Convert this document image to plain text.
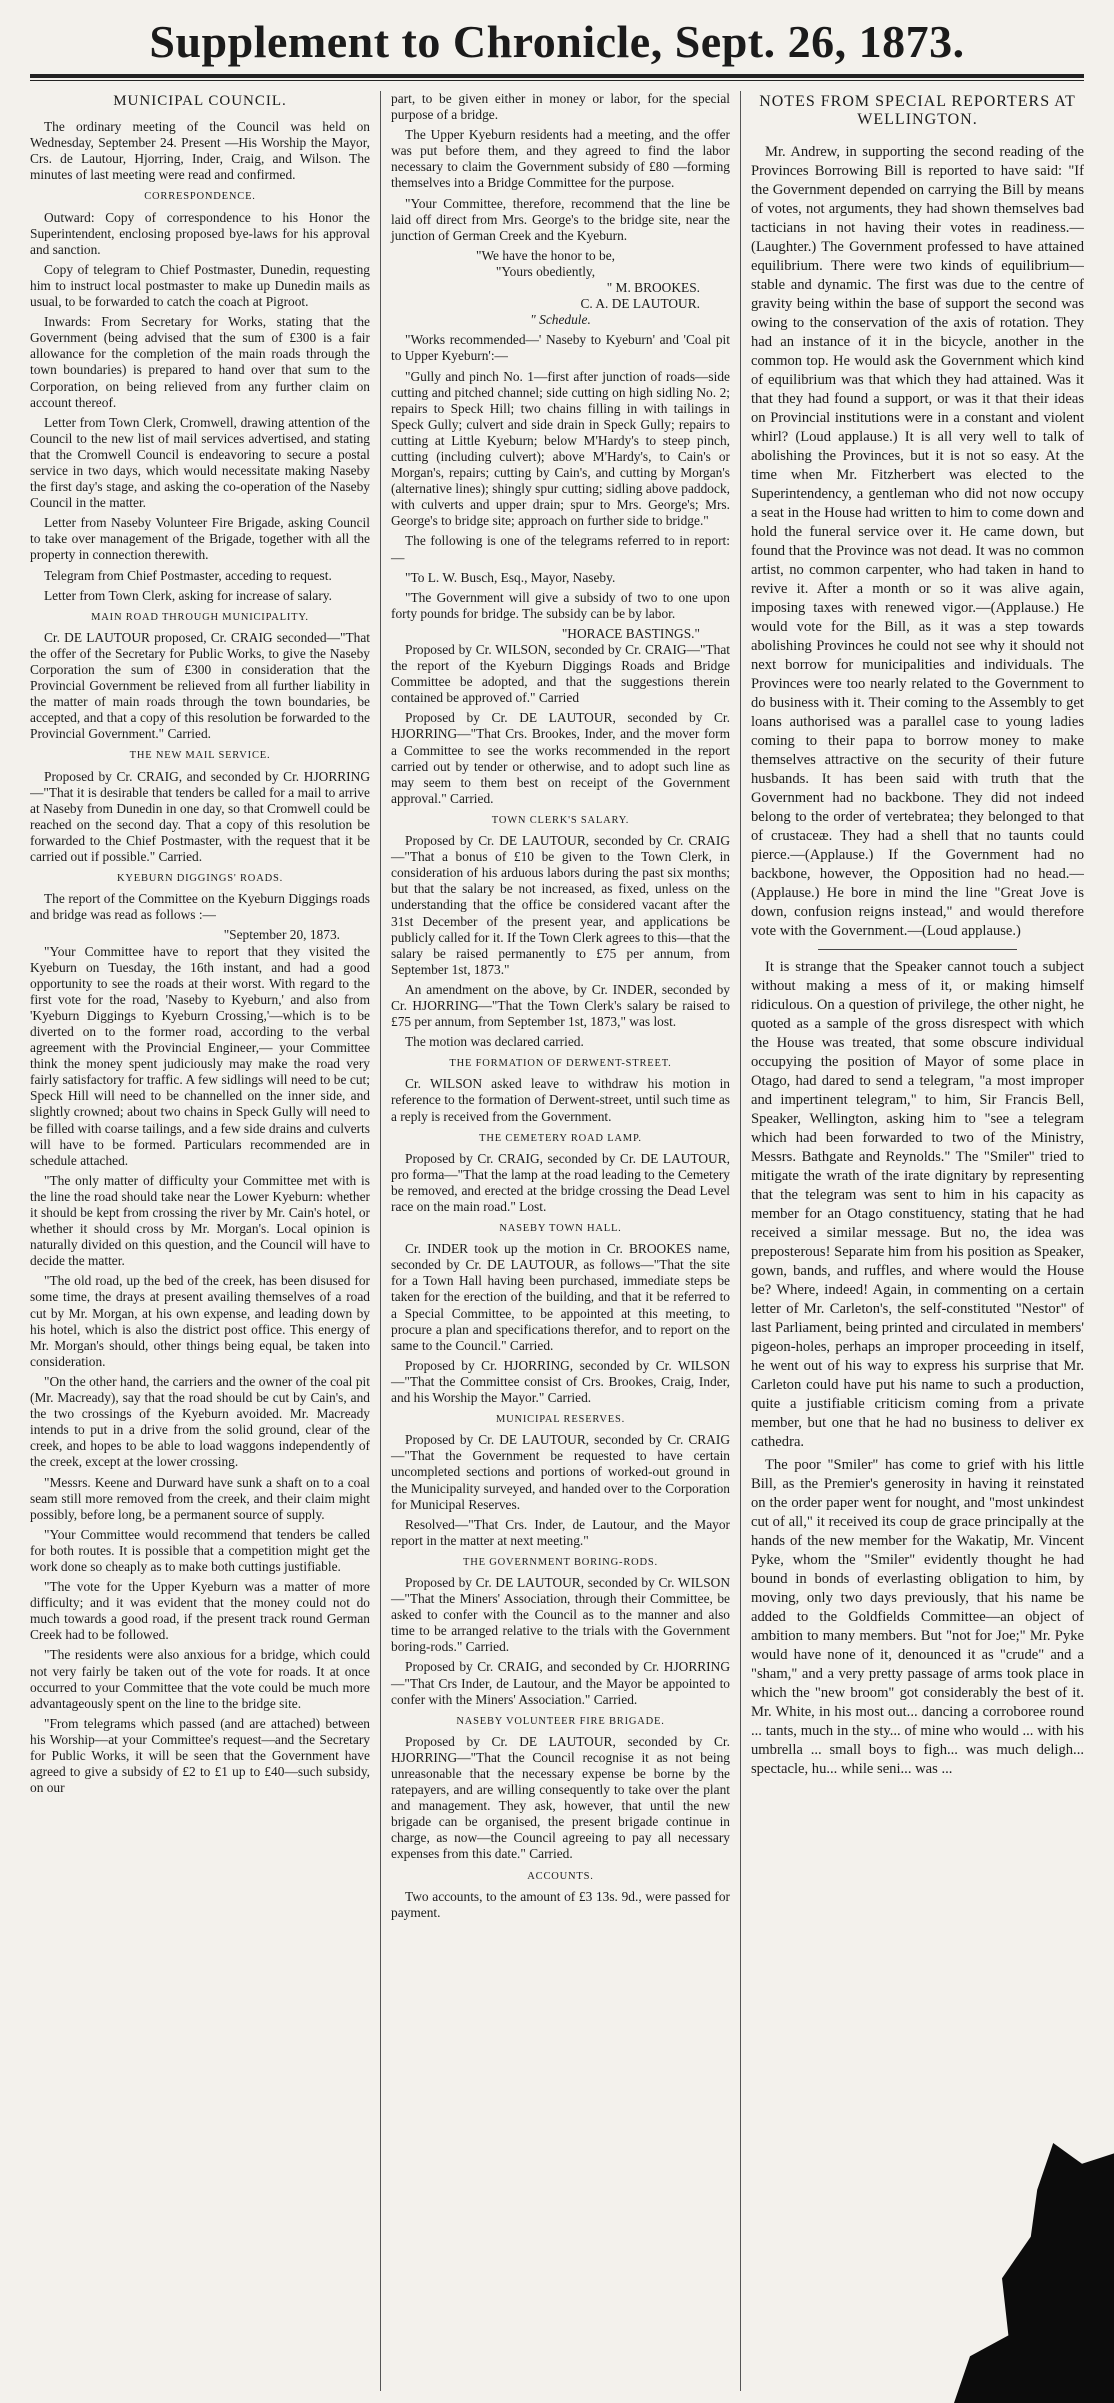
Supplement to Chronicle, Sept. 26, 1873.
MUNICIPAL COUNCIL.

The ordinary meeting of the Council was held on Wednesday, September 24. Present —His Worship the Mayor, Crs. de Lautour, Hjorring, Inder, Craig, and Wilson. The minutes of last meeting were read and confirmed.

CORRESPONDENCE.

Outward: Copy of correspondence to his Honor the Superintendent, enclosing proposed bye-laws for his approval and sanction.

Copy of telegram to Chief Postmaster, Dunedin, requesting him to instruct local postmaster to make up Dunedin mails as usual, to be forwarded to catch the coach at Pigroot.

Inwards: From Secretary for Works, stating that the Government (being advised that the sum of £300 is a fair allowance for the completion of the main roads through the town boundaries) is prepared to hand over that sum to the Corporation, on being relieved from any further claim on account thereof.

Letter from Town Clerk, Cromwell, drawing attention of the Council to the new list of mail services advertised, and stating that the Cromwell Council is endeavoring to secure a postal service in two days, which would necessitate making Naseby the first day's stage, and asking the co-operation of the Naseby Council in the matter.

Letter from Naseby Volunteer Fire Brigade, asking Council to take over management of the Brigade, together with all the property in connection therewith.

Telegram from Chief Postmaster, acceding to request.

Letter from Town Clerk, asking for increase of salary.

MAIN ROAD THROUGH MUNICIPALITY.

Cr. DE LAUTOUR proposed, Cr. CRAIG seconded—"That the offer of the Secretary for Public Works, to give the Naseby Corporation the sum of £300 in consideration that the Provincial Government be relieved from all further liability in the matter of main roads through the town boundaries, be accepted, and that a copy of this resolution be forwarded to the Provincial Government." Carried.

THE NEW MAIL SERVICE.

Proposed by Cr. CRAIG, and seconded by Cr. HJORRING—"That it is desirable that tenders be called for a mail to arrive at Naseby from Dunedin in one day, so that Cromwell could be reached on the second day. That a copy of this resolution be forwarded to the Chief Postmaster, with the request that it be carried out if possible." Carried.

KYEBURN DIGGINGS' ROADS.

The report of the Committee on the Kyeburn Diggings roads and bridge was read as follows :—

"September 20, 1873.

"Your Committee have to report that they visited the Kyeburn on Tuesday, the 16th instant, and had a good opportunity to see the roads at their worst. With regard to the first vote for the road, 'Naseby to Kyeburn,' and also from 'Kyeburn Diggings to Kyeburn Crossing,'—which is to be diverted on to the former road, according to the verbal agreement with the Provincial Engineer,— your Committee think the money spent judiciously may make the road very fairly satisfactory for traffic. A few sidlings will need to be cut; Speck Hill will need to be channelled on the inner side, and slightly crowned; about two chains in Speck Gully will need to be filled with coarse tailings, and a few side drains and culverts will have to be formed. Particulars recommended are in schedule attached.

"The only matter of difficulty your Committee met with is the line the road should take near the Lower Kyeburn: whether it should be kept from crossing the river by Mr. Cain's hotel, or whether it should cross by Mr. Morgan's. Local opinion is naturally divided on this question, and the Council will have to decide the matter.

"The old road, up the bed of the creek, has been disused for some time, the drays at present availing themselves of a road cut by Mr. Morgan, at his own expense, and leading down by his hotel, which is also the district post office. This energy of Mr. Morgan's should, other things being equal, be taken into consideration.

"On the other hand, the carriers and the owner of the coal pit (Mr. Macready), say that the road should be cut by Cain's, and the two crossings of the Kyeburn avoided. Mr. Macready intends to put in a drive from the solid ground, clear of the creek, and hopes to be able to load waggons independently of the creek, except at the lower crossing.

"Messrs. Keene and Durward have sunk a shaft on to a coal seam still more removed from the creek, and their claim might possibly, before long, be a permanent source of supply.

"Your Committee would recommend that tenders be called for both routes. It is possible that a competition might get the work done so cheaply as to make both cuttings justifiable.

"The vote for the Upper Kyeburn was a matter of more difficulty; and it was evident that the money could not do much towards a good road, if the present track round German Creek had to be followed.

"The residents were also anxious for a bridge, which could not very fairly be taken out of the vote for roads. It at once occurred to your Committee that the vote could be much more advantageously spent on the line to the bridge site.

"From telegrams which passed (and are attached) between his Worship—at your Committee's request—and the Secretary for Public Works, it will be seen that the Government have agreed to give a subsidy of £2 to £1 up to £40—such subsidy, on our

part, to be given either in money or labor, for the special purpose of a bridge.

The Upper Kyeburn residents had a meeting, and the offer was put before them, and they agreed to find the labor necessary to claim the Government subsidy of £80 —forming themselves into a Bridge Committee for the purpose.

"Your Committee, therefore, recommend that the line be laid off direct from Mrs. George's to the bridge site, near the junction of German Creek and the Kyeburn.

"We have the honor to be,

"Yours obediently,

" M. BROOKES.

C. A. DE LAUTOUR.

" Schedule.

"Works recommended—' Naseby to Kyeburn' and 'Coal pit to Upper Kyeburn':—

"Gully and pinch No. 1—first after junction of roads—side cutting and pitched channel; side cutting on high sidling No. 2; repairs to Speck Hill; two chains filling in with tailings in Speck Gully; culvert and side drain in Speck Gully; repairs to cutting at Little Kyeburn; below M'Hardy's to steep pinch, cutting (including culvert); above M'Hardy's, to Cain's or Morgan's, repairs; cutting by Cain's, and cutting by Morgan's (alternative lines); shingly spur cutting; sidling above paddock, with culverts and upper drain; spur to Mrs. George's; Mrs. George's to bridge site; approach on further side to bridge."

The following is one of the telegrams referred to in report:—

"To L. W. Busch, Esq., Mayor, Naseby.

"The Government will give a subsidy of two to one upon forty pounds for bridge. The subsidy can be by labor.

"HORACE BASTINGS."

Proposed by Cr. WILSON, seconded by Cr. CRAIG—"That the report of the Kyeburn Diggings Roads and Bridge Committee be adopted, and that the suggestions therein contained be approved of." Carried

Proposed by Cr. DE LAUTOUR, seconded by Cr. HJORRING—"That Crs. Brookes, Inder, and the mover form a Committee to see the works recommended in the report carried out by tender or otherwise, and to adopt such line as may seem to them best on receipt of the Government approval." Carried.

TOWN CLERK'S SALARY.

Proposed by Cr. DE LAUTOUR, seconded by Cr. CRAIG—"That a bonus of £10 be given to the Town Clerk, in consideration of his arduous labors during the past six months; but that the salary be not increased, as fixed, unless on the understanding that the office be considered vacant after the 31st December of the present year, and applications be publicly called for it. If the Town Clerk agrees to this—that the salary be raised permanently to £75 per annum, from September 1st, 1873."

An amendment on the above, by Cr. INDER, seconded by Cr. HJORRING—"That the Town Clerk's salary be raised to £75 per annum, from September 1st, 1873," was lost.

The motion was declared carried.

THE FORMATION OF DERWENT-STREET.

Cr. WILSON asked leave to withdraw his motion in reference to the formation of Derwent-street, until such time as a reply is received from the Government.

THE CEMETERY ROAD LAMP.

Proposed by Cr. CRAIG, seconded by Cr. DE LAUTOUR, pro forma—"That the lamp at the road leading to the Cemetery be removed, and erected at the bridge crossing the Dead Level race on the main road." Lost.

NASEBY TOWN HALL.

Cr. INDER took up the motion in Cr. BROOKES name, seconded by Cr. DE LAUTOUR, as follows—"That the site for a Town Hall having been purchased, immediate steps be taken for the erection of the building, and that it be referred to a Special Committee, to be appointed at this meeting, to procure a plan and specifications therefor, and to report on the same to the Council." Carried.

Proposed by Cr. HJORRING, seconded by Cr. WILSON—"That the Committee consist of Crs. Brookes, Craig, Inder, and his Worship the Mayor." Carried.

MUNICIPAL RESERVES.

Proposed by Cr. DE LAUTOUR, seconded by Cr. CRAIG—"That the Government be requested to have certain uncompleted sections and portions of worked-out ground in the Municipality surveyed, and handed over to the Corporation for Municipal Reserves.

Resolved—"That Crs. Inder, de Lautour, and the Mayor report in the matter at next meeting."

THE GOVERNMENT BORING-RODS.

Proposed by Cr. DE LAUTOUR, seconded by Cr. WILSON—"That the Miners' Association, through their Committee, be asked to confer with the Council as to the manner and also time to be arranged relative to the trials with the Government boring-rods." Carried.

Proposed by Cr. CRAIG, and seconded by Cr. HJORRING—"That Crs Inder, de Lautour, and the Mayor be appointed to confer with the Miners' Association." Carried.

NASEBY VOLUNTEER FIRE BRIGADE.

Proposed by Cr. DE LAUTOUR, seconded by Cr. HJORRING—"That the Council recognise it as not being unreasonable that the necessary expense be borne by the ratepayers, and are willing consequently to take over the plant and management. They ask, however, that until the new brigade can be organised, the present brigade continue in charge, as now—the Council agreeing to pay all necessary expenses from this date." Carried.

ACCOUNTS.

Two accounts, to the amount of £3 13s. 9d., were passed for payment.

NOTES FROM SPECIAL REPORTERS AT WELLINGTON.

Mr. Andrew, in supporting the second reading of the Provinces Borrowing Bill is reported to have said: "If the Government depended on carrying the Bill by means of votes, not arguments, they had shown themselves bad tacticians in not having their votes in readiness.—(Laughter.) The Government professed to have attained equilibrium. There were two kinds of equilibrium—stable and dynamic. The first was due to the centre of gravity being within the base of support the second was owing to the conservation of the axis of rotation. They had an instance of it in the bicycle, another in the common top. He would ask the Government which kind of equilibrium was that which they had attained. Was it that they had found a support, or was it that their ideas on Provincial institutions were in a constant and violent whirl? (Loud applause.) It is all very well to talk of abolishing the Provinces, but it is not so easy. At the time when Mr. Fitzherbert was elected to the Superintendency, a gentleman who did not now occupy a seat in the House had written to him to come down and hold the funeral service over it. He came down, but found that the Province was not dead. It was no common artist, no common carpenter, who had taken in hand to revive it. After a month or so it was alive again, imposing taxes with renewed vigor.—(Applause.) He would vote for the Bill, as it was a step towards abolishing Provinces he could not see why it should not next borrow for municipalities and individuals. The Provinces were too nearly related to the Government to do business with it. Their coming to the Assembly to get loans authorised was a parallel case to young ladies coming to their papa to borrow money to make themselves attractive on the security of their future husbands. It has been said with truth that the Government had no backbone. They did not indeed belong to the order of vertebratea; they belonged to that of crustaceæ. They had a shell that no taunts could pierce.—(Applause.) If the Government had no backbone, however, the Opposition had no head.—(Applause.) He bore in mind the line "Great Jove is down, confusion reigns instead," and would therefore vote with the Government.—(Loud applause.)

It is strange that the Speaker cannot touch a subject without making a mess of it, or making himself ridiculous. On a question of privilege, the other night, he quoted as a sample of the gross disrespect with which the House was treated, that some obscure individual occupying the position of Mayor of some place in Otago, had dared to send a telegram, "a most improper and impertinent telegram," to him, Sir Francis Bell, Speaker, Wellington, asking him to "see a telegram which had been forwarded to two of the Ministry, Messrs. Bathgate and Reynolds." The "Smiler" tried to mitigate the wrath of the irate dignitary by representing that the telegram was sent to him in his capacity as member for an Otago constituency, stating that he had received a similar message. But no, the idea was preposterous! Separate him from his position as Speaker, gown, bands, and ruffles, and where would the House be? Where, indeed! Again, in commenting on a certain letter of Mr. Carleton's, the self-constituted "Nestor" of last Parliament, being printed and circulated in members' pigeon-holes, perhaps an improper proceeding in itself, he went out of his way to express his surprise that Mr. Carleton could have put his name to such a production, quite a justifiable criticism coming from a private member, but one that he had no business to deliver ex cathedra.

The poor "Smiler" has come to grief with his little Bill, as the Premier's generosity in having it reinstated on the order paper went for nought, and "most unkindest cut of all," it received its coup de grace principally at the hands of the new member for the Wakatip, Mr. Vincent Pyke, whom the "Smiler" evidently thought he had bound in bonds of everlasting obligation to him, by moving, only two days previously, that his name be added to the Goldfields Committee—an object of ambition to many members. But "not for Joe;" Mr. Pyke would have none of it, denounced it as "crude" and a "sham," and a very pretty passage of arms took place in which the "new broom" got considerably the best of it. Mr. White, in his most out... dancing a corroboree round ... tants, much in the sty... of mine who would ... with his umbrella ... small boys to figh... was much deligh... spectacle, hu... while seni... was ...
